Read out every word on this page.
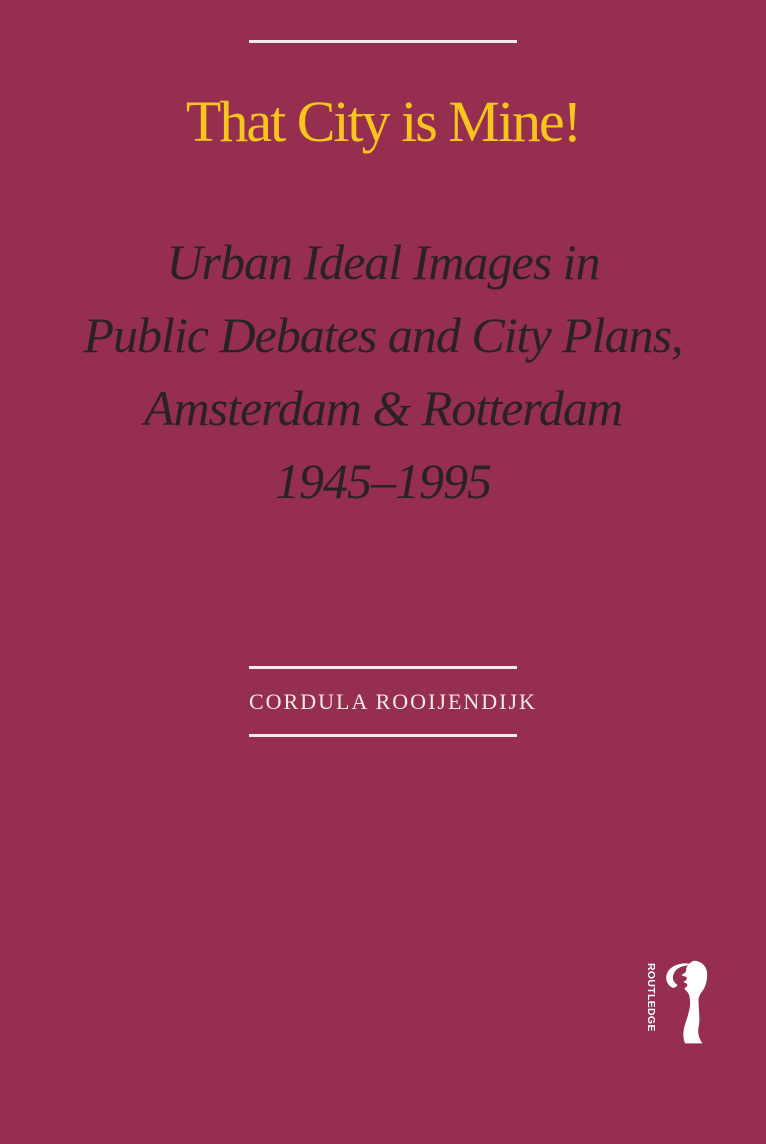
That City is Mine!
Urban Ideal Images in
Public Debates and City Plans,
Amsterdam & Rotterdam
1945–1995
CORDULA ROOIJENDIJK
ROUTLEDGE
